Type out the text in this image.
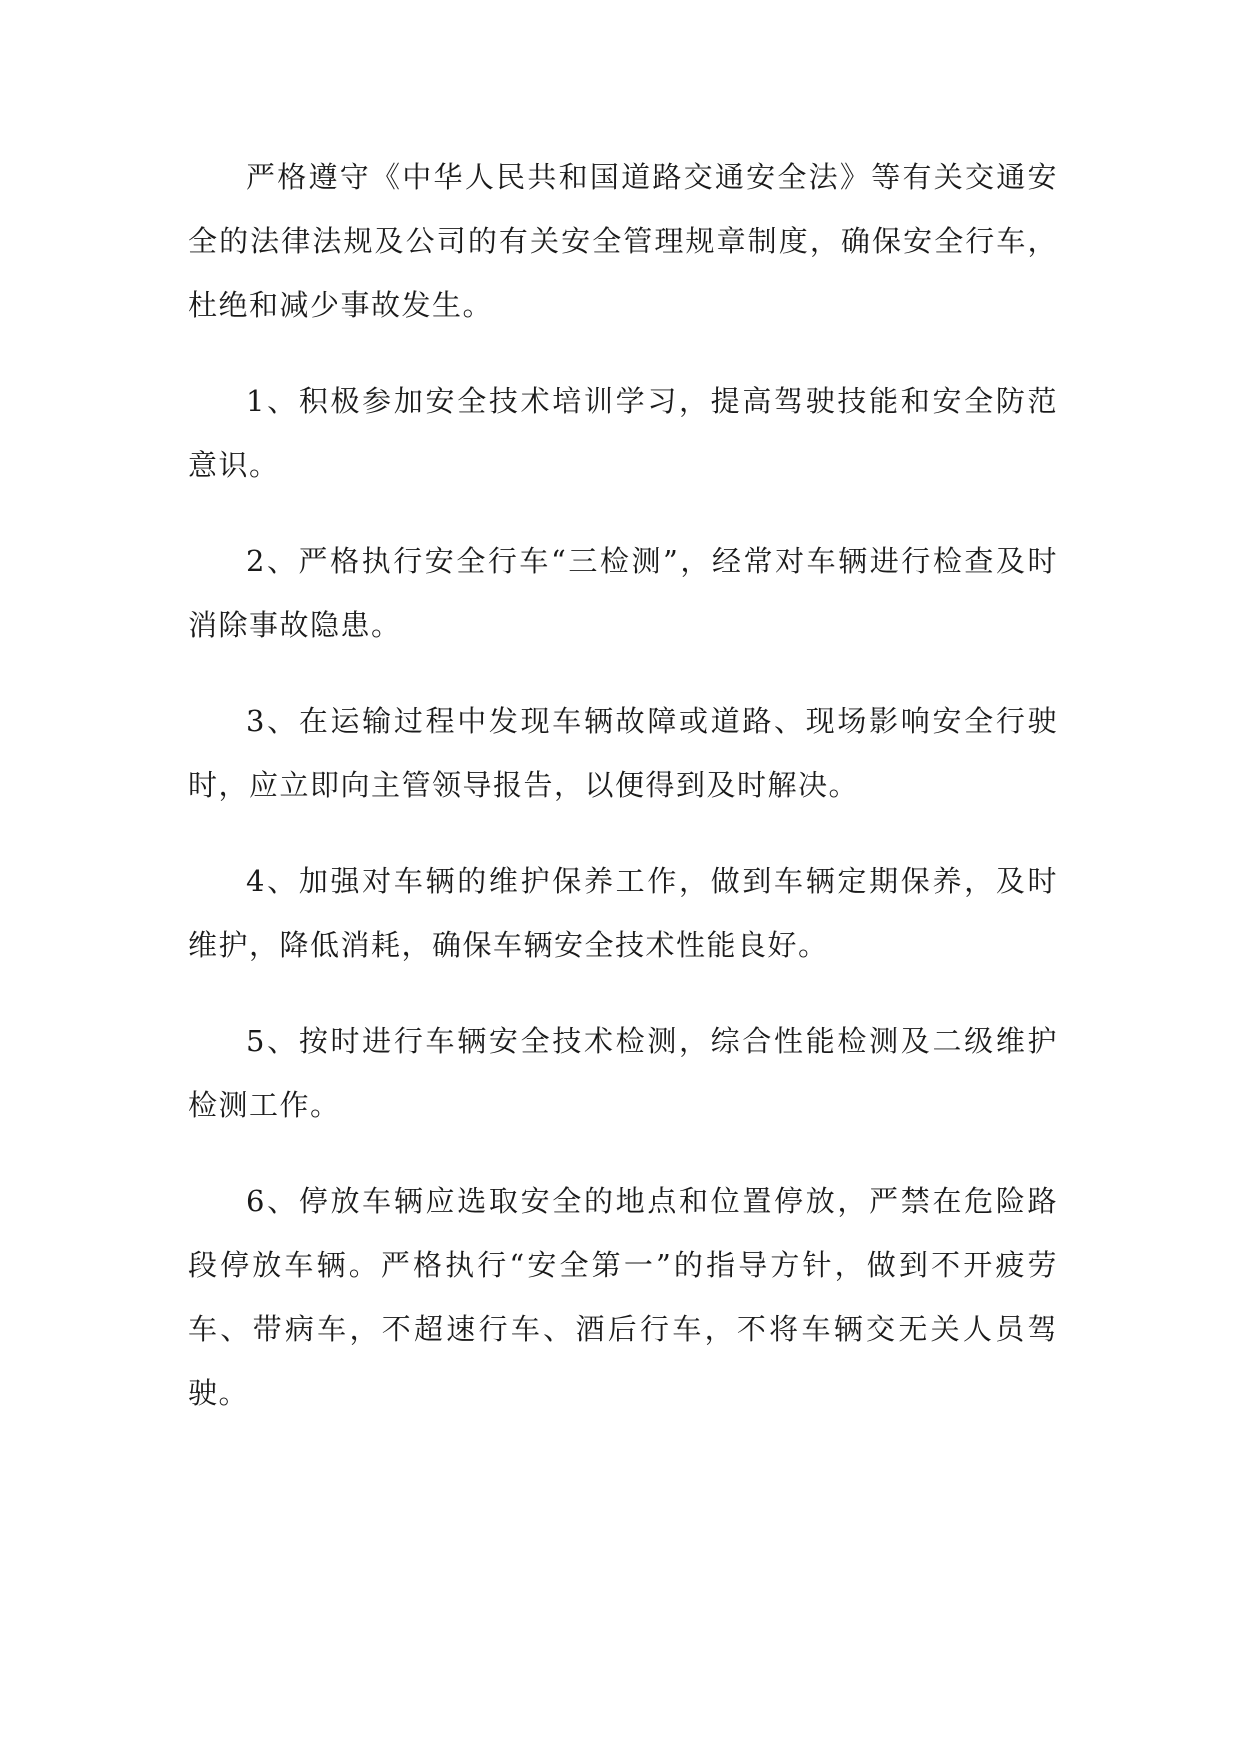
严格遵守《中华人民共和国道路交通安全法》等有关交通安全的法律法规及公司的有关安全管理规章制度，确保安全行车，杜绝和减少事故发生。

1、积极参加安全技术培训学习，提高驾驶技能和安全防范意识。

2、严格执行安全行车“三检测”，经常对车辆进行检查及时消除事故隐患。

3、在运输过程中发现车辆故障或道路、现场影响安全行驶时，应立即向主管领导报告，以便得到及时解决。

4、加强对车辆的维护保养工作，做到车辆定期保养，及时维护，降低消耗，确保车辆安全技术性能良好。

5、按时进行车辆安全技术检测，综合性能检测及二级维护检测工作。

6、停放车辆应选取安全的地点和位置停放，严禁在危险路段停放车辆。严格执行“安全第一”的指导方针，做到不开疲劳车、带病车，不超速行车、酒后行车，不将车辆交无关人员驾驶。
